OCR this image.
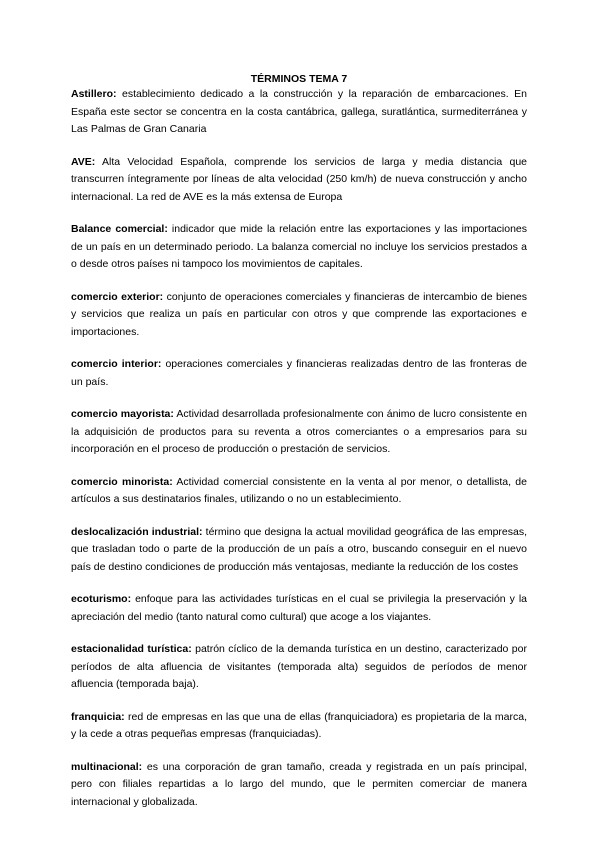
TÉRMINOS TEMA 7

Astillero: establecimiento dedicado a la construcción y la reparación de embarcaciones. En España este sector se concentra en la costa cantábrica, gallega, suratlántica, surmediterránea y Las Palmas de Gran Canaria

AVE: Alta Velocidad Española, comprende los servicios de larga y media distancia que transcurren íntegramente por líneas de alta velocidad (250 km/h) de nueva construcción y ancho internacional. La red de AVE es la más extensa de Europa

Balance comercial: indicador que mide la relación entre las exportaciones y las importaciones de un país en un determinado periodo. La balanza comercial no incluye los servicios prestados a o desde otros países ni tampoco los movimientos de capitales.

comercio exterior: conjunto de operaciones comerciales y financieras de intercambio de bienes y servicios que realiza un país en particular con otros y que comprende las exportaciones e importaciones.

comercio interior: operaciones comerciales y financieras realizadas dentro de las fronteras de un país.

comercio mayorista: Actividad desarrollada profesionalmente con ánimo de lucro consistente en la adquisición de productos para su reventa a otros comerciantes o a empresarios para su incorporación en el proceso de producción o prestación de servicios.

comercio minorista: Actividad comercial consistente en la venta al por menor, o detallista, de artículos a sus destinatarios finales, utilizando o no un establecimiento.

deslocalización industrial: término que designa la actual movilidad geográfica de las empresas, que trasladan todo o parte de la producción de un país a otro, buscando conseguir en el nuevo país de destino condiciones de producción más ventajosas, mediante la reducción de los costes

ecoturismo: enfoque para las actividades turísticas en el cual se privilegia la preservación y la apreciación del medio (tanto natural como cultural) que acoge a los viajantes.

estacionalidad turística: patrón cíclico de la demanda turística en un destino, caracterizado por períodos de alta afluencia de visitantes (temporada alta) seguidos de períodos de menor afluencia (temporada baja).

franquicia: red de empresas en las que una de ellas (franquiciadora) es propietaria de la marca, y la cede a otras pequeñas empresas (franquiciadas).

multinacional: es una corporación de gran tamaño, creada y registrada en un país principal, pero con filiales repartidas a lo largo del mundo, que le permiten comerciar de manera internacional y globalizada.
